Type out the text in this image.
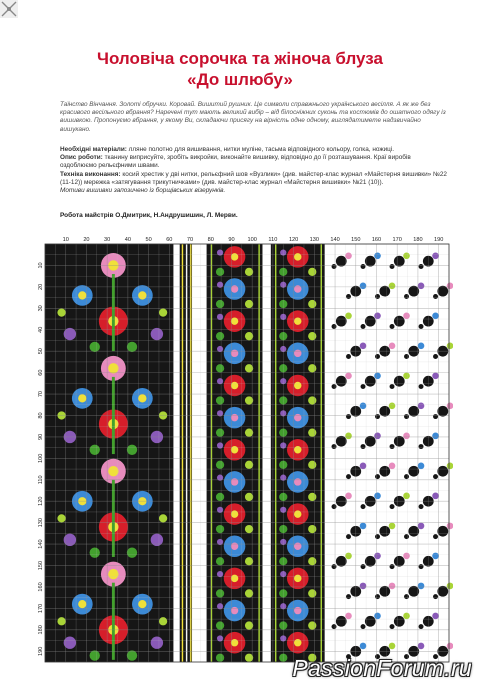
Чоловіча сорочка та жіноча блуза
«До шлюбу»

Таїнство Вінчання. Золоті обручки. Коровай. Вишитий рушник. Це символи справжнього українського весілля. А як же без красивого весільного вбрання? Наречені тут мають великий вибір – від білосніжних суконь та костюмів до ошатного одягу із вишивкою. Пропонуємо вбрання, у якому Ви, складаючи присягу на вірність одне одному, виглядатимете надзвичайно вишукано.

Необхідні матеріали: лляне полотно для вишивання, нитки муліне, тасьма відповідного кольору, голка, ножиці.
Опис роботи: тканину виприсуйте, зробіть викройки, виконайте вишивку, відповідно до її розташування. Краї виробів оздоблюємо рельєфними швами.
Техніка виконання: косий хрестик у дві нитки, рельєфний шов «Вузлики» (див. майстер-клас журнал «Майстерня вишивки» №22 (11-12)) мережка «затягування трикутничками» (див. майстер-клас журнал «Майстерня вишивки» №21 (10)).
Мотиви вишивки запозичено із борщівських візерунків.

Робота майстрів О.Дмитрик, Н.Андрушишин, Л. Мерви.

10	20	30	40	50	60	70	80	90 100 110 120 130 140 150 160 170 180 190
10
20
30
40
50
60
70
80
90
100
110
120
130
140
150
160
170
180
190
PassionForum.ru
